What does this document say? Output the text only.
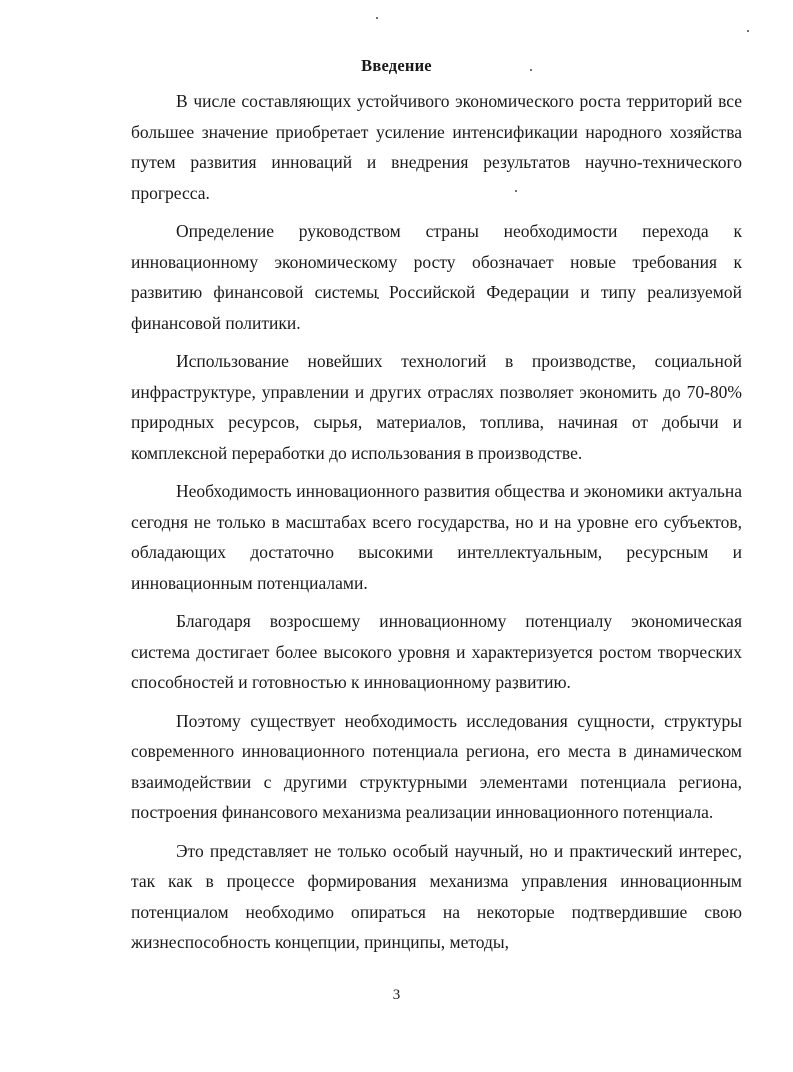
Введение

В числе составляющих устойчивого экономического роста территорий все большее значение приобретает усиление интенсификации народного хозяйства путем развития инноваций и внедрения результатов научно-технического прогресса.

Определение руководством страны необходимости перехода к инновационному экономическому росту обозначает новые требования к развитию финансовой системы Российской Федерации и типу реализуемой финансовой политики.

Использование новейших технологий в производстве, социальной инфраструктуре, управлении и других отраслях позволяет экономить до 70-80% природных ресурсов, сырья, материалов, топлива, начиная от добычи и комплексной переработки до использования в производстве.

Необходимость инновационного развития общества и экономики актуальна сегодня не только в масштабах всего государства, но и на уровне его субъектов, обладающих достаточно высокими интеллектуальным, ресурсным и инновационным потенциалами.

Благодаря возросшему инновационному потенциалу экономическая система достигает более высокого уровня и характеризуется ростом творческих способностей и готовностью к инновационному развитию.

Поэтому существует необходимость исследования сущности, структуры современного инновационного потенциала региона, его места в динамическом взаимодействии с другими структурными элементами потенциала региона, построения финансового механизма реализации инновационного потенциала.

Это представляет не только особый научный, но и практический интерес, так как в процессе формирования механизма управления инновационным потенциалом необходимо опираться на некоторые подтвердившие свою жизнеспособность концепции, принципы, методы,

3
